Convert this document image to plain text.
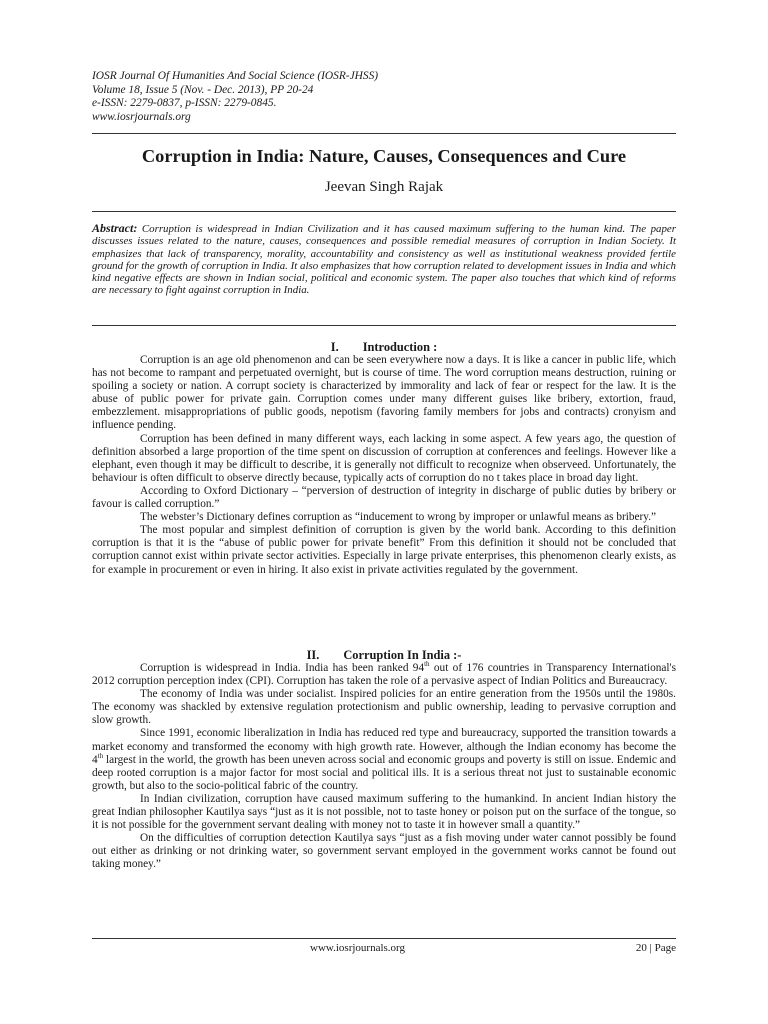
IOSR Journal Of Humanities And Social Science (IOSR-JHSS)
Volume 18, Issue 5 (Nov. - Dec. 2013), PP 20-24
e-ISSN: 2279-0837, p-ISSN: 2279-0845.
www.iosrjournals.org
Corruption in India: Nature, Causes, Consequences and Cure
Jeevan Singh Rajak
Abstract: Corruption is widespread in Indian Civilization and it has caused maximum suffering to the human kind. The paper discusses issues related to the nature, causes, consequences and possible remedial measures of corruption in Indian Society. It emphasizes that lack of transparency, morality, accountability and consistency as well as institutional weakness provided fertile ground for the growth of corruption in India. It also emphasizes that how corruption related to development issues in India and which kind negative effects are shown in Indian social, political and economic system. The paper also touches that which kind of reforms are necessary to fight against corruption in India.
I. Introduction :

Corruption is an age old phenomenon and can be seen everywhere now a days. It is like a cancer in public life, which has not become to rampant and perpetuated overnight, but is course of time. The word corruption means destruction, ruining or spoiling a society or nation. A corrupt society is characterized by immorality and lack of fear or respect for the law. It is the abuse of public power for private gain. Corruption comes under many different guises like bribery, extortion, fraud, embezzlement. misappropriations of public goods, nepotism (favoring family members for jobs and contracts) cronyism and influence pending.

Corruption has been defined in many different ways, each lacking in some aspect. A few years ago, the question of definition absorbed a large proportion of the time spent on discussion of corruption at conferences and feelings. However like a elephant, even though it may be difficult to describe, it is generally not difficult to recognize when observeed. Unfortunately, the behaviour is often difficult to observe directly because, typically acts of corruption do no t takes place in broad day light.

According to Oxford Dictionary – “perversion of destruction of integrity in discharge of public duties by bribery or favour is called corruption.”

The webster’s Dictionary defines corruption as “inducement to wrong by improper or unlawful means as bribery.”

The most popular and simplest definition of corruption is given by the world bank. According to this definition corruption is that it is the “abuse of public power for private benefit” From this definition it should not be concluded that corruption cannot exist within private sector activities. Especially in large private enterprises, this phenomenon clearly exists, as for example in procurement or even in hiring. It also exist in private activities regulated by the government.

II. Corruption In India :-

Corruption is widespread in India. India has been ranked 94th out of 176 countries in Transparency International's 2012 corruption perception index (CPI). Corruption has taken the role of a pervasive aspect of Indian Politics and Bureaucracy.

The economy of India was under socialist. Inspired policies for an entire generation from the 1950s until the 1980s. The economy was shackled by extensive regulation protectionism and public ownership, leading to pervasive corruption and slow growth.

Since 1991, economic liberalization in India has reduced red type and bureaucracy, supported the transition towards a market economy and transformed the economy with high growth rate. However, although the Indian economy has become the 4th largest in the world, the growth has been uneven across social and economic groups and poverty is still on issue. Endemic and deep rooted corruption is a major factor for most social and political ills. It is a serious threat not just to sustainable economic growth, but also to the socio-political fabric of the country.

In Indian civilization, corruption have caused maximum suffering to the humankind. In ancient Indian history the great Indian philosopher Kautilya says “just as it is not possible, not to taste honey or poison put on the surface of the tongue, so it is not possible for the government servant dealing with money not to taste it in however small a quantity.”

On the difficulties of corruption detection Kautilya says “just as a fish moving under water cannot possibly be found out either as drinking or not drinking water, so government servant employed in the government works cannot be found out taking money.”

www.iosrjournals.org	20 | Page
